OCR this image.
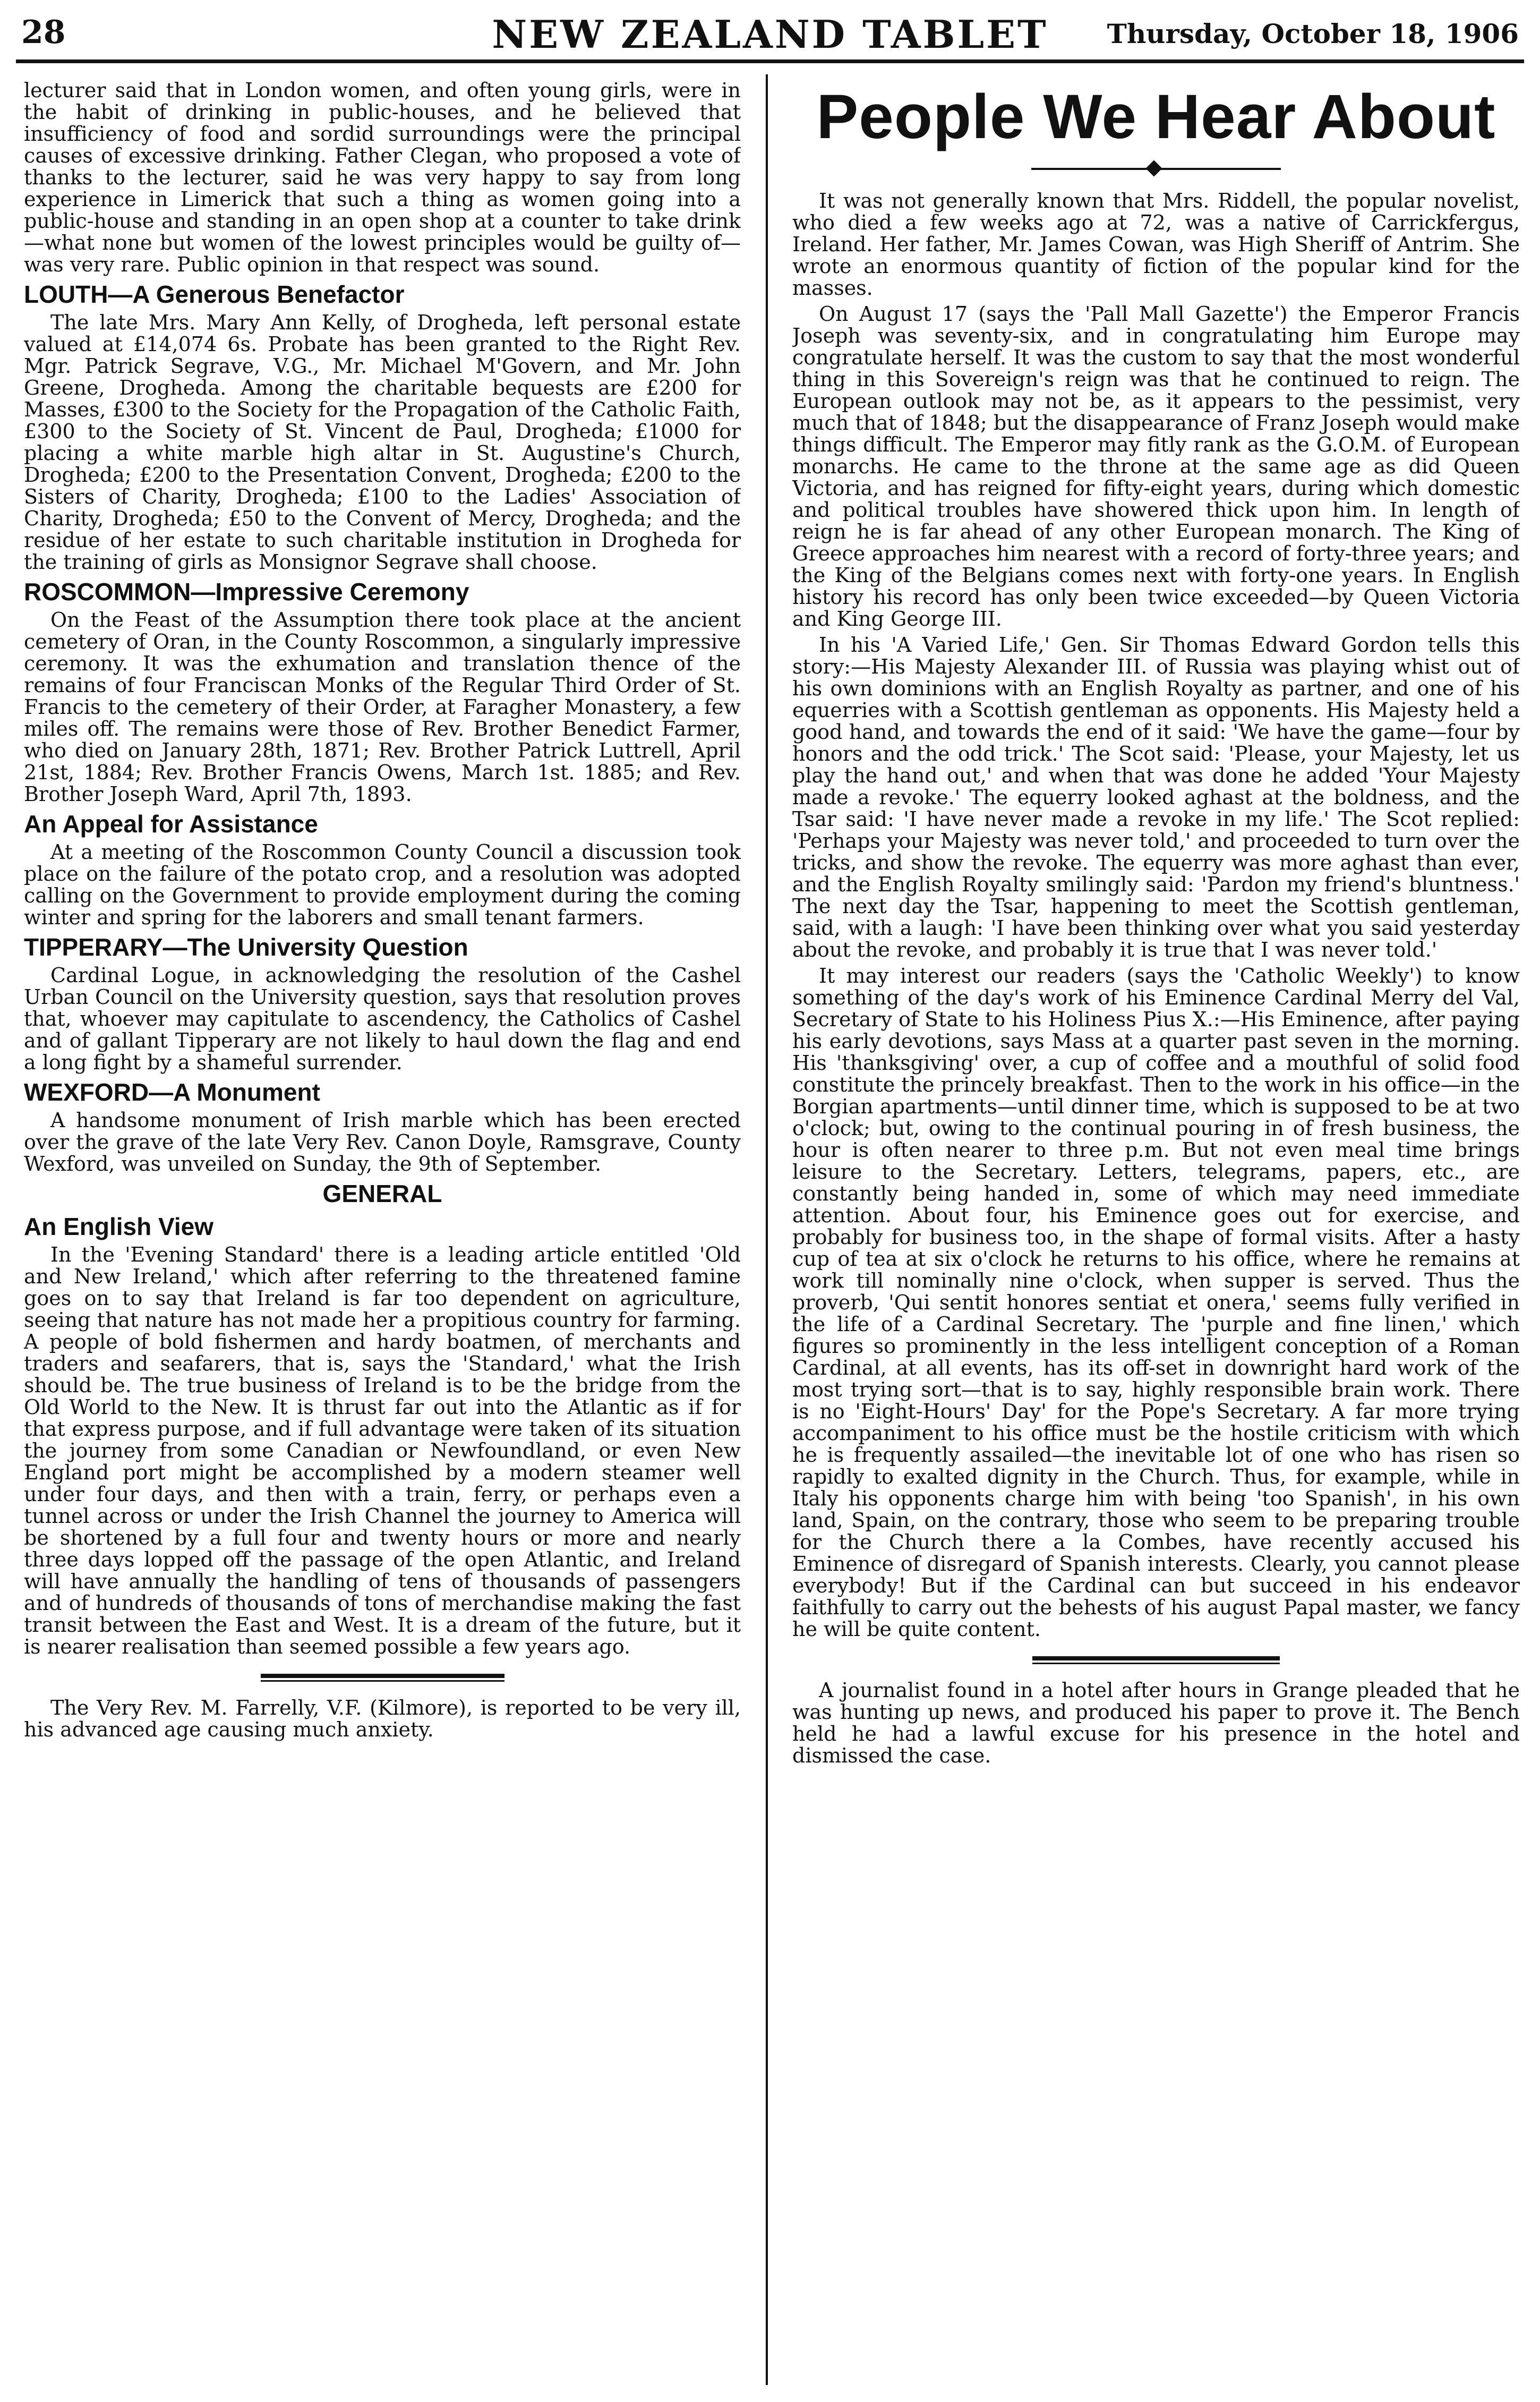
28	NEW ZEALAND TABLET	Thursday, October 18, 1906

lecturer said that in London women, and often young girls, were in the habit of drinking in public-houses, and he believed that insufficiency of food and sordid surroundings were the principal causes of excessive drinking. Father Clegan, who proposed a vote of thanks to the lecturer, said he was very happy to say from long experience in Limerick that such a thing as women going into a public-house and standing in an open shop at a counter to take drink—what none but women of the lowest principles would be guilty of—was very rare. Public opinion in that respect was sound.

LOUTH—A Generous Benefactor

The late Mrs. Mary Ann Kelly, of Drogheda, left personal estate valued at £14,074 6s. Probate has been granted to the Right Rev. Mgr. Patrick Segrave, V.G., Mr. Michael M'Govern, and Mr. John Greene, Drogheda. Among the charitable bequests are £200 for Masses, £300 to the Society for the Propagation of the Catholic Faith, £300 to the Society of St. Vincent de Paul, Drogheda; £1000 for placing a white marble high altar in St. Augustine's Church, Drogheda; £200 to the Presentation Convent, Drogheda; £200 to the Sisters of Charity, Drogheda; £100 to the Ladies' Association of Charity, Drogheda; £50 to the Convent of Mercy, Drogheda; and the residue of her estate to such charitable institution in Drogheda for the training of girls as Monsignor Segrave shall choose.

ROSCOMMON—Impressive Ceremony

On the Feast of the Assumption there took place at the ancient cemetery of Oran, in the County Roscommon, a singularly impressive ceremony. It was the exhumation and translation thence of the remains of four Franciscan Monks of the Regular Third Order of St. Francis to the cemetery of their Order, at Faragher Monastery, a few miles off. The remains were those of Rev. Brother Benedict Farmer, who died on January 28th, 1871; Rev. Brother Patrick Luttrell, April 21st, 1884; Rev. Brother Francis Owens, March 1st. 1885; and Rev. Brother Joseph Ward, April 7th, 1893.

An Appeal for Assistance

At a meeting of the Roscommon County Council a discussion took place on the failure of the potato crop, and a resolution was adopted calling on the Government to provide employment during the coming winter and spring for the laborers and small tenant farmers.

TIPPERARY—The University Question

Cardinal Logue, in acknowledging the resolution of the Cashel Urban Council on the University question, says that resolution proves that, whoever may capitulate to ascendency, the Catholics of Cashel and of gallant Tipperary are not likely to haul down the flag and end a long fight by a shameful surrender.

WEXFORD—A Monument

A handsome monument of Irish marble which has been erected over the grave of the late Very Rev. Canon Doyle, Ramsgrave, County Wexford, was unveiled on Sunday, the 9th of September.

GENERAL
An English View

In the 'Evening Standard' there is a leading article entitled 'Old and New Ireland,' which after referring to the threatened famine goes on to say that Ireland is far too dependent on agriculture, seeing that nature has not made her a propitious country for farming. A people of bold fishermen and hardy boatmen, of merchants and traders and seafarers, that is, says the 'Standard,' what the Irish should be. The true business of Ireland is to be the bridge from the Old World to the New. It is thrust far out into the Atlantic as if for that express purpose, and if full advantage were taken of its situation the journey from some Canadian or Newfoundland, or even New England port might be accomplished by a modern steamer well under four days, and then with a train, ferry, or perhaps even a tunnel across or under the Irish Channel the journey to America will be shortened by a full four and twenty hours or more and nearly three days lopped off the passage of the open Atlantic, and Ireland will have annually the handling of tens of thousands of passengers and of hundreds of thousands of tons of merchandise making the fast transit between the East and West. It is a dream of the future, but it is nearer realisation than seemed possible a few years ago.

The Very Rev. M. Farrelly, V.F. (Kilmore), is reported to be very ill, his advanced age causing much anxiety.

People We Hear About

It was not generally known that Mrs. Riddell, the popular novelist, who died a few weeks ago at 72, was a native of Carrickfergus, Ireland. Her father, Mr. James Cowan, was High Sheriff of Antrim. She wrote an enormous quantity of fiction of the popular kind for the masses.

On August 17 (says the 'Pall Mall Gazette') the Emperor Francis Joseph was seventy-six, and in congratulating him Europe may congratulate herself. It was the custom to say that the most wonderful thing in this Sovereign's reign was that he continued to reign. The European outlook may not be, as it appears to the pessimist, very much that of 1848; but the disappearance of Franz Joseph would make things difficult. The Emperor may fitly rank as the G.O.M. of European monarchs. He came to the throne at the same age as did Queen Victoria, and has reigned for fifty-eight years, during which domestic and political troubles have showered thick upon him. In length of reign he is far ahead of any other European monarch. The King of Greece approaches him nearest with a record of forty-three years; and the King of the Belgians comes next with forty-one years. In English history his record has only been twice exceeded—by Queen Victoria and King George III.

In his 'A Varied Life,' Gen. Sir Thomas Edward Gordon tells this story:—His Majesty Alexander III. of Russia was playing whist out of his own dominions with an English Royalty as partner, and one of his equerries with a Scottish gentleman as opponents. His Majesty held a good hand, and towards the end of it said: 'We have the game—four by honors and the odd trick.' The Scot said: 'Please, your Majesty, let us play the hand out,' and when that was done he added 'Your Majesty made a revoke.' The equerry looked aghast at the boldness, and the Tsar said: 'I have never made a revoke in my life.' The Scot replied: 'Perhaps your Majesty was never told,' and proceeded to turn over the tricks, and show the revoke. The equerry was more aghast than ever, and the English Royalty smilingly said: 'Pardon my friend's bluntness.' The next day the Tsar, happening to meet the Scottish gentleman, said, with a laugh: 'I have been thinking over what you said yesterday about the revoke, and probably it is true that I was never told.'

It may interest our readers (says the 'Catholic Weekly') to know something of the day's work of his Eminence Cardinal Merry del Val, Secretary of State to his Holiness Pius X.:—His Eminence, after paying his early devotions, says Mass at a quarter past seven in the morning. His 'thanksgiving' over, a cup of coffee and a mouthful of solid food constitute the princely breakfast. Then to the work in his office—in the Borgian apartments—until dinner time, which is supposed to be at two o'clock; but, owing to the continual pouring in of fresh business, the hour is often nearer to three p.m. But not even meal time brings leisure to the Secretary. Letters, telegrams, papers, etc., are constantly being handed in, some of which may need immediate attention. About four, his Eminence goes out for exercise, and probably for business too, in the shape of formal visits. After a hasty cup of tea at six o'clock he returns to his office, where he remains at work till nominally nine o'clock, when supper is served. Thus the proverb, 'Qui sentit honores sentiat et onera,' seems fully verified in the life of a Cardinal Secretary. The 'purple and fine linen,' which figures so prominently in the less intelligent conception of a Roman Cardinal, at all events, has its off-set in downright hard work of the most trying sort—that is to say, highly responsible brain work. There is no 'Eight-Hours' Day' for the Pope's Secretary. A far more trying accompaniment to his office must be the hostile criticism with which he is frequently assailed—the inevitable lot of one who has risen so rapidly to exalted dignity in the Church. Thus, for example, while in Italy his opponents charge him with being 'too Spanish', in his own land, Spain, on the contrary, those who seem to be preparing trouble for the Church there a la Combes, have recently accused his Eminence of disregard of Spanish interests. Clearly, you cannot please everybody! But if the Cardinal can but succeed in his endeavor faithfully to carry out the behests of his august Papal master, we fancy he will be quite content.

A journalist found in a hotel after hours in Grange pleaded that he was hunting up news, and produced his paper to prove it. The Bench held he had a lawful excuse for his presence in the hotel and dismissed the case.
